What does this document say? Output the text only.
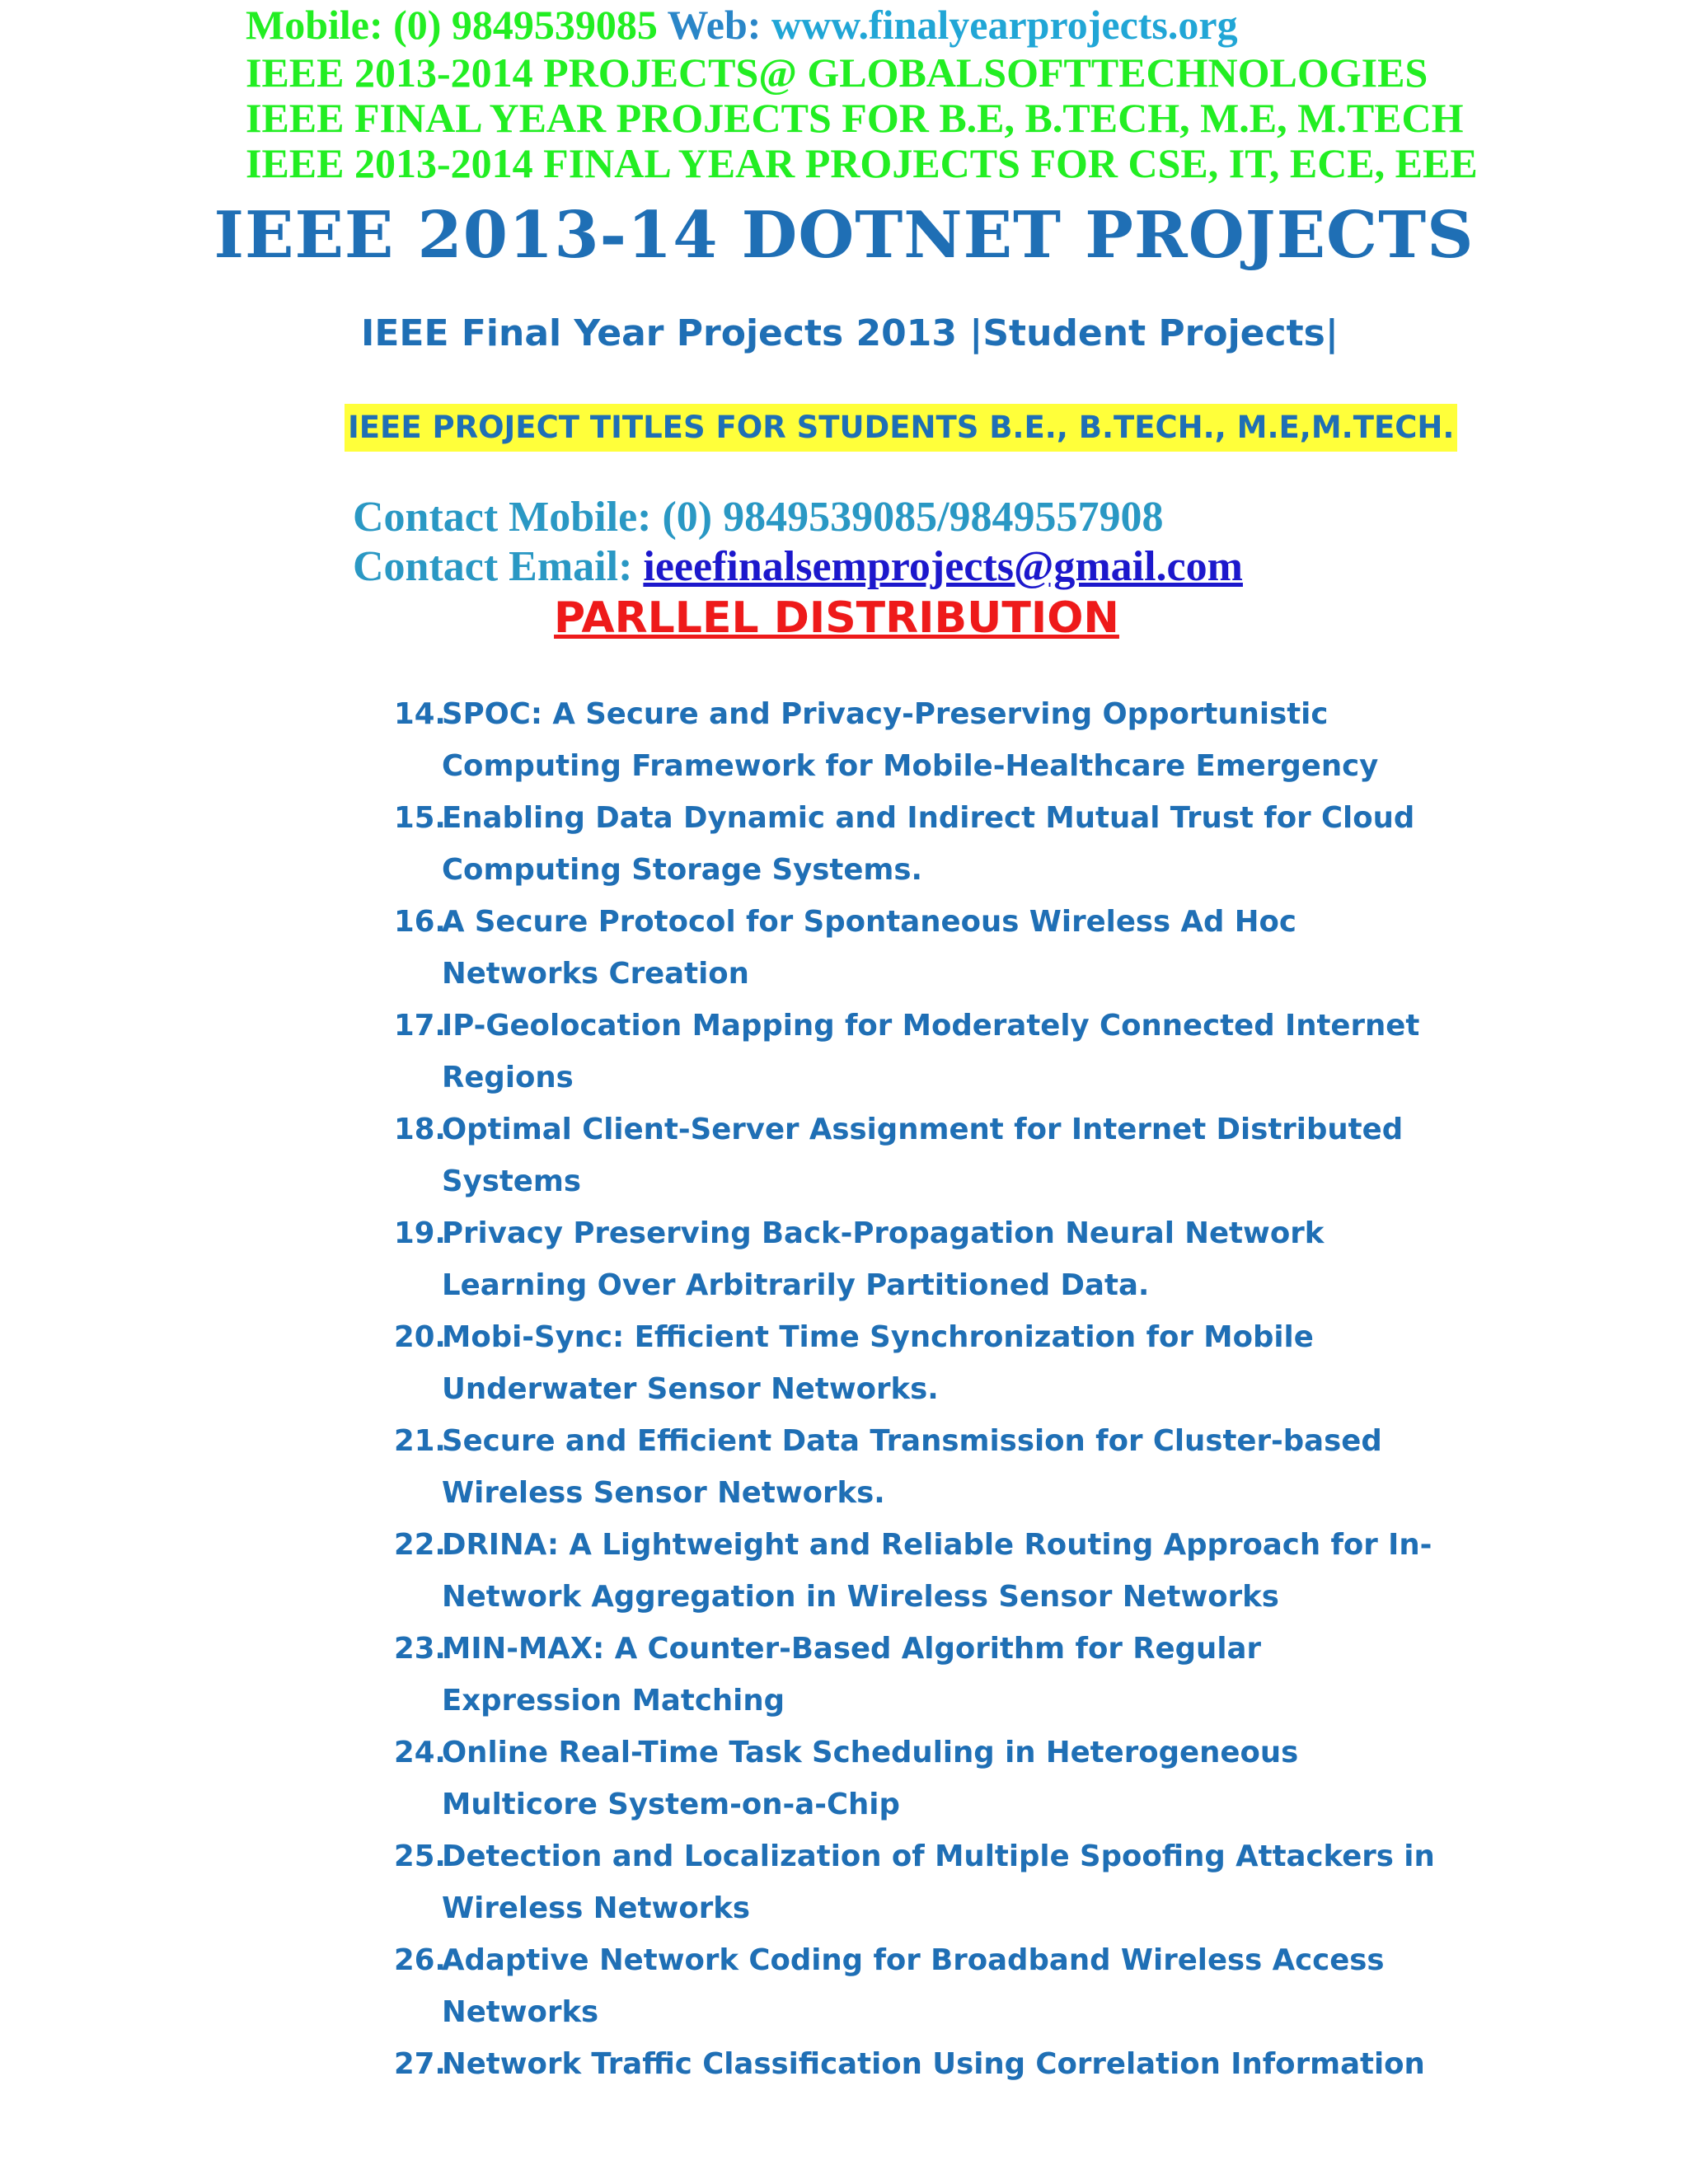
Mobile: (0) 9849539085 Web: www.finalyearprojects.org
IEEE 2013-2014 PROJECTS@ GLOBALSOFTTECHNOLOGIES
IEEE FINAL YEAR PROJECTS FOR B.E, B.TECH, M.E, M.TECH
IEEE 2013-2014 FINAL YEAR PROJECTS FOR CSE, IT, ECE, EEE
IEEE 2013-14 DOTNET PROJECTS
IEEE Final Year Projects 2013 |Student Projects|
IEEE PROJECT TITLES FOR STUDENTS B.E., B.TECH., M.E,M.TECH.
Contact Mobile: (0) 9849539085/9849557908
Contact Email: ieeefinalsemprojects@gmail.com
PARLLEL DISTRIBUTION
14.
SPOC: A Secure and Privacy-Preserving Opportunistic Computing Framework for Mobile-Healthcare Emergency
15.
Enabling Data Dynamic and Indirect Mutual Trust for Cloud Computing Storage Systems.
16.
A Secure Protocol for Spontaneous Wireless Ad Hoc Networks Creation
17.
IP-Geolocation Mapping for Moderately Connected Internet Regions
18.
Optimal Client-Server Assignment for Internet Distributed Systems
19.
Privacy Preserving Back-Propagation Neural Network Learning Over Arbitrarily Partitioned Data.
20.
Mobi-Sync: Efficient Time Synchronization for Mobile Underwater Sensor Networks.
21.
Secure and Efficient Data Transmission for Cluster-based Wireless Sensor Networks.
22.
DRINA: A Lightweight and Reliable Routing Approach for In-Network Aggregation in Wireless Sensor Networks
23.
MIN-MAX: A Counter-Based Algorithm for Regular Expression Matching
24.
Online Real-Time Task Scheduling in Heterogeneous Multicore System-on-a-Chip
25.
Detection and Localization of Multiple Spoofing Attackers in Wireless Networks
26.
Adaptive Network Coding for Broadband Wireless Access Networks
27.
Network Traffic Classification Using Correlation Information
